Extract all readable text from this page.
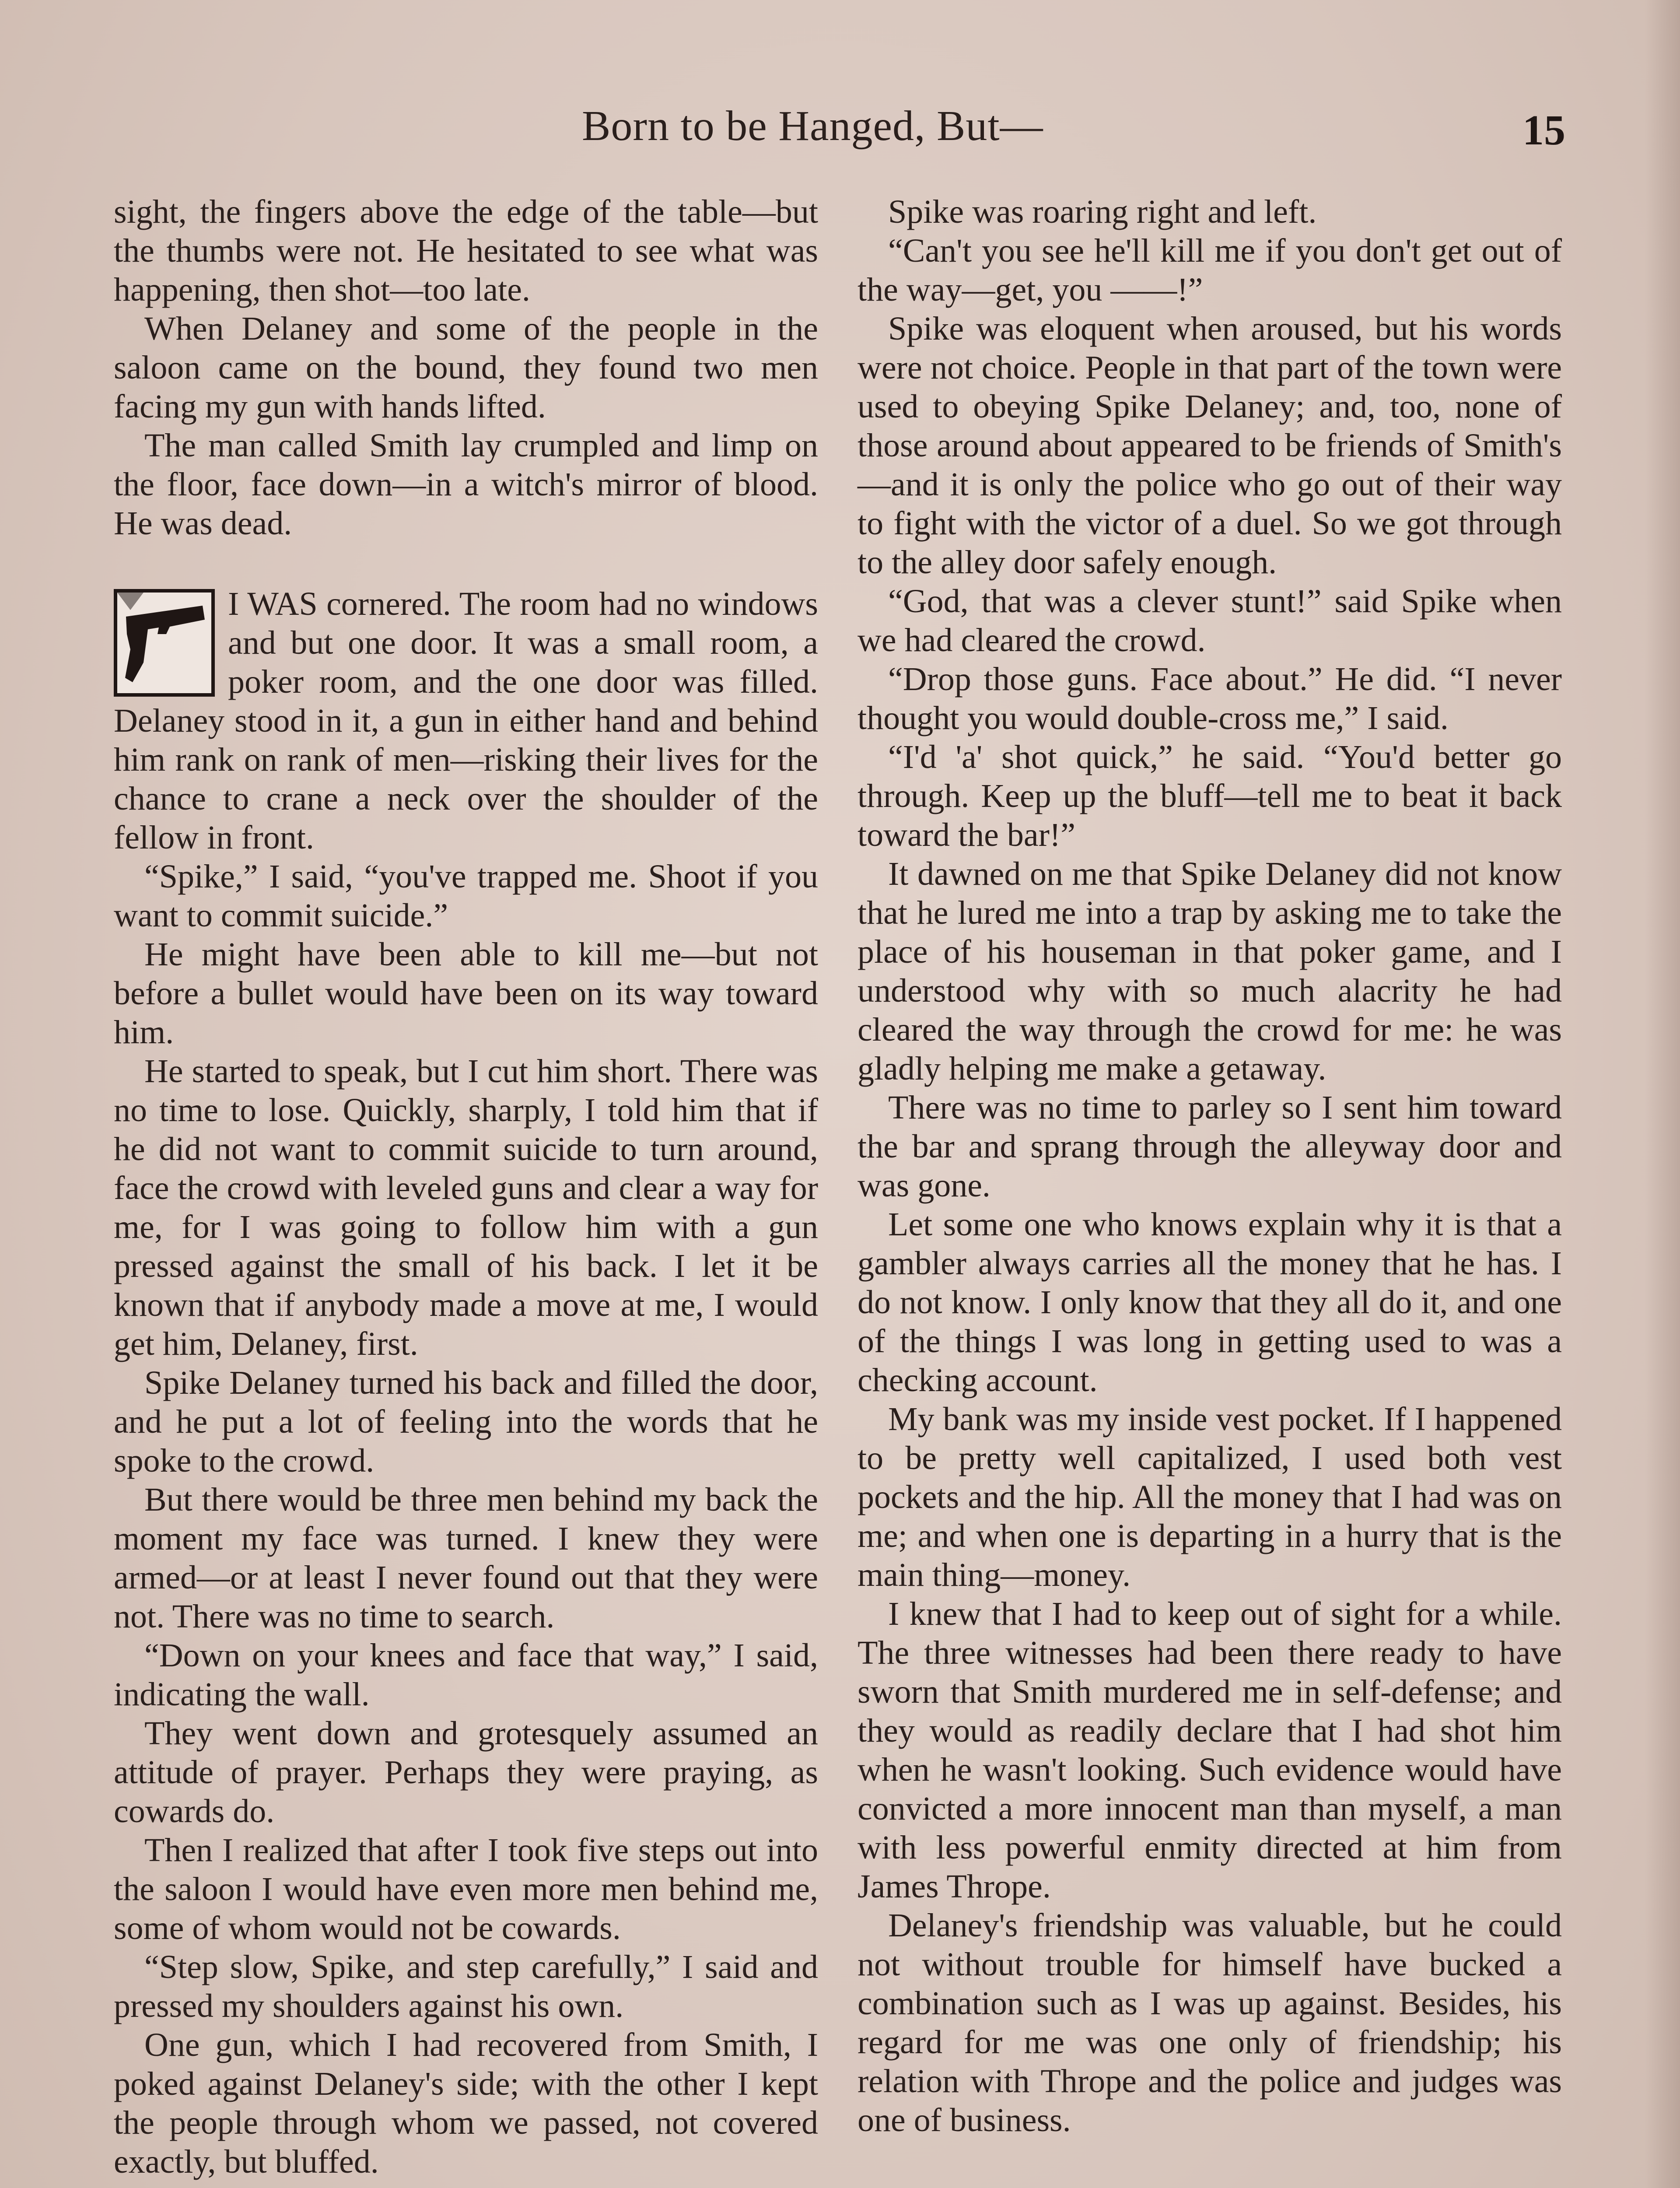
Born to be Hanged, But—	15

sight, the fingers above the edge of the table—but the thumbs were not. He hesitated to see what was happening, then shot—too late.

When Delaney and some of the people in the saloon came on the bound, they found two men facing my gun with hands lifted.

The man called Smith lay crumpled and limp on the floor, face down—in a witch's mirror of blood. He was dead.

I WAS cornered. The room had no windows and but one door. It was a small room, a poker room, and the one door was filled. Delaney stood in it, a gun in either hand and behind him rank on rank of men—risking their lives for the chance to crane a neck over the shoulder of the fellow in front.

“Spike,” I said, “you've trapped me. Shoot if you want to commit suicide.”

He might have been able to kill me—but not before a bullet would have been on its way toward him.

He started to speak, but I cut him short. There was no time to lose. Quickly, sharply, I told him that if he did not want to commit suicide to turn around, face the crowd with leveled guns and clear a way for me, for I was going to follow him with a gun pressed against the small of his back. I let it be known that if anybody made a move at me, I would get him, Delaney, first.

Spike Delaney turned his back and filled the door, and he put a lot of feeling into the words that he spoke to the crowd.

But there would be three men behind my back the moment my face was turned. I knew they were armed—or at least I never found out that they were not. There was no time to search.

“Down on your knees and face that way,” I said, indicating the wall.

They went down and grotesquely assumed an attitude of prayer. Perhaps they were praying, as cowards do.

Then I realized that after I took five steps out into the saloon I would have even more men behind me, some of whom would not be cowards.

“Step slow, Spike, and step carefully,” I said and pressed my shoulders against his own.

One gun, which I had recovered from Smith, I poked against Delaney's side; with the other I kept the people through whom we passed, not covered exactly, but bluffed.

Spike was roaring right and left.

“Can't you see he'll kill me if you don't get out of the way—get, you ——!”

Spike was eloquent when aroused, but his words were not choice. People in that part of the town were used to obeying Spike Delaney; and, too, none of those around about appeared to be friends of Smith's—and it is only the police who go out of their way to fight with the victor of a duel. So we got through to the alley door safely enough.

“God, that was a clever stunt!” said Spike when we had cleared the crowd.

“Drop those guns. Face about.” He did. “I never thought you would double-cross me,” I said.

“I'd 'a' shot quick,” he said. “You'd better go through. Keep up the bluff—tell me to beat it back toward the bar!”

It dawned on me that Spike Delaney did not know that he lured me into a trap by asking me to take the place of his houseman in that poker game, and I understood why with so much alacrity he had cleared the way through the crowd for me: he was gladly helping me make a getaway.

There was no time to parley so I sent him toward the bar and sprang through the alleyway door and was gone.

Let some one who knows explain why it is that a gambler always carries all the money that he has. I do not know. I only know that they all do it, and one of the things I was long in getting used to was a checking account.

My bank was my inside vest pocket. If I happened to be pretty well capitalized, I used both vest pockets and the hip. All the money that I had was on me; and when one is departing in a hurry that is the main thing—money.

I knew that I had to keep out of sight for a while. The three witnesses had been there ready to have sworn that Smith murdered me in self-defense; and they would as readily declare that I had shot him when he wasn't looking. Such evidence would have convicted a more innocent man than myself, a man with less powerful enmity directed at him from James Thrope.

Delaney's friendship was valuable, but he could not without trouble for himself have bucked a combination such as I was up against. Besides, his regard for me was one only of friendship; his relation with Thrope and the police and judges was one of business.
